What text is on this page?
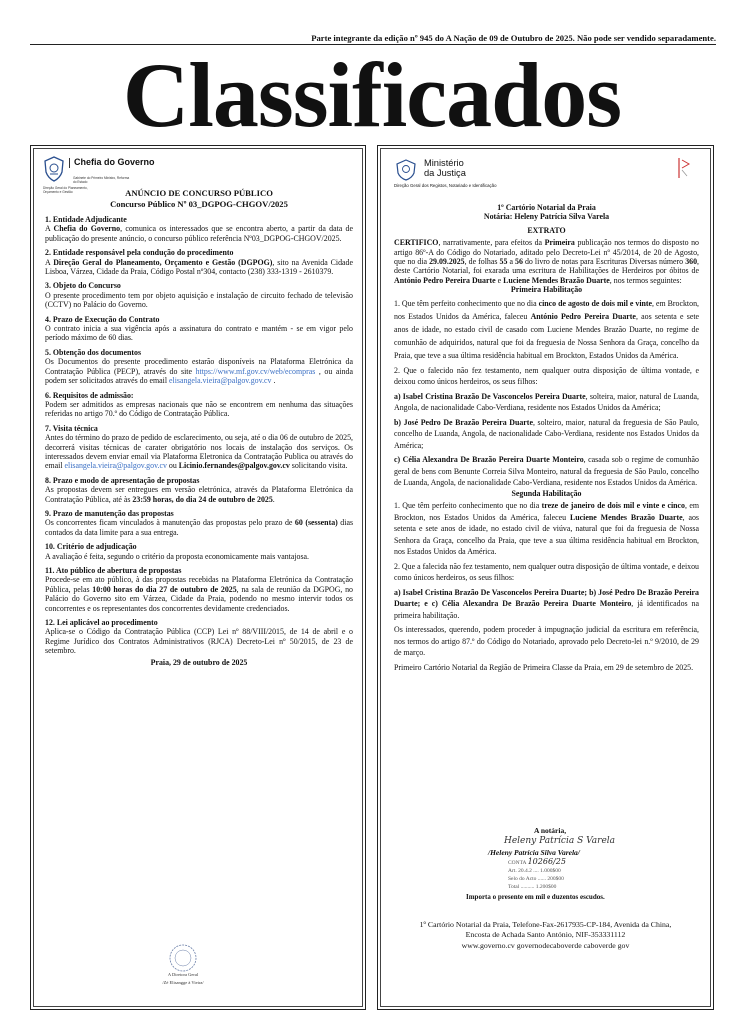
Parte integrante da edição nº 945 do A Nação de 09 de Outubro de 2025. Não pode ser vendido separadamente.
Classificados
Chefia do Governo
Gabinete do Primeiro Ministro, Reforma do Estado
Direção Geral do Planeamento, Orçamento e Gestão	ANÚNCIO DE CONCURSO PÚBLICO

Concurso Público Nº 03_DGPOG-CHGOV/2025

1. Entidade Adjudicante

A Chefia do Governo, comunica os interessados que se encontra aberto, a partir da data de publicação do presente anúncio, o concurso público referência Nº03_DGPOG-CHGOV/2025.

2. Entidade responsável pela condução do procedimento

A Direção Geral do Planeamento, Orçamento e Gestão (DGPOG), sito na Avenida Cidade Lisboa, Várzea, Cidade da Praia, Código Postal nº304, contacto (238) 333-1319 - 2610379.

3. Objeto do Concurso

O presente procedimento tem por objeto aquisição e instalação de circuito fechado de televisão (CCTV) no Palácio do Governo.

4. Prazo de Execução do Contrato

O contrato inicia a sua vigência após a assinatura do contrato e mantém - se em vigor pelo período máximo de 60 dias.

5. Obtenção dos documentos

Os Documentos do presente procedimento estarão disponíveis na Plataforma Eletrónica da Contratação Pública (PECP), através do site https://www.mf.gov.cv/web/ecompras , ou ainda podem ser solicitados através do email elisangela.vieira@palgov.gov.cv .

6. Requisitos de admissão:

Podem ser admitidos as empresas nacionais que não se encontrem em nenhuma das situações referidas no artigo 70.º do Código de Contratação Pública.

7. Visita técnica

Antes do término do prazo de pedido de esclarecimento, ou seja, até o dia 06 de outubro de 2025, decorrerá visitas técnicas de carater obrigatório nos locais de instalação dos serviços. Os interessados devem enviar email via Plataforma Eletronica da Contratação Publica ou através do email elisangela.vieira@palgov.gov.cv ou Licinio.fernandes@palgov.gov.cv solicitando visita.

8. Prazo e modo de apresentação de propostas

As propostas devem ser entregues em versão eletrónica, através da Plataforma Eletrónica da Contratação Pública, até às 23:59 horas, do dia 24 de outubro de 2025.

9. Prazo de manutenção das propostas

Os concorrentes ficam vinculados à manutenção das propostas pelo prazo de 60 (sessenta) dias contados da data limite para a sua entrega.

10. Critério de adjudicação

A avaliação é feita, segundo o critério da proposta economicamente mais vantajosa.

11. Ato público de abertura de propostas

Procede-se em ato público, à das propostas recebidas na Plataforma Eletrónica da Contratação Pública, pelas 10:00 horas do dia 27 de outubro de 2025, na sala de reunião da DGPOG, no Palácio do Governo sito em Várzea, Cidade da Praia, podendo no mesmo intervir todos os concorrentes e os representantes dos concorrentes devidamente credenciados.

12. Lei aplicável ao procedimento

Aplica-se o Código da Contratação Pública (CCP) Lei nº 88/VIII/2015, de 14 de abril e o Regime Jurídico dos Contratos Administrativos (RJCA) Decreto-Lei nº 50/2015, de 23 de setembro.

Praia, 29 de outubro de 2025

A Diretora Geral
/Zé Elisangge à Vieira/
Ministério
da Justiça
Direção Geral dos Registos, Notariado e Identificação

1º Cartório Notarial da Praia

Notária: Heleny Patrícia Silva Varela

EXTRATO

CERTIFICO, narrativamente, para efeitos da Primeira publicação nos termos do disposto no artigo 86º-A do Código do Notariado, aditado pelo Decreto-Lei nº 45/2014, de 20 de Agosto, que no dia 29.09.2025, de folhas 55 a 56 do livro de notas para Escrituras Diversas número 360, deste Cartório Notarial, foi exarada uma escritura de Habilitações de Herdeiros por óbitos de António Pedro Pereira Duarte e Luciene Mendes Brazão Duarte, nos termos seguintes:

Primeira Habilitação

1. Que têm perfeito conhecimento que no dia cinco de agosto de dois mil e vinte, em Brockton, nos Estados Unidos da América, faleceu António Pedro Pereira Duarte, aos setenta e sete anos de idade, no estado civil de casado com Luciene Mendes Brazão Duarte, no regime de comunhão de adquiridos, natural que foi da freguesia de Nossa Senhora da Graça, concelho da Praia, que teve a sua última residência habitual em Brockton, Estados Unidos da América.

2. Que o falecido não fez testamento, nem qualquer outra disposição de última vontade, e deixou como únicos herdeiros, os seus filhos:

a) Isabel Cristina Brazão De Vasconcelos Pereira Duarte, solteira, maior, natural de Luanda, Angola, de nacionalidade Cabo-Verdiana, residente nos Estados Unidos da América;

b) José Pedro De Brazão Pereira Duarte, solteiro, maior, natural da freguesia de São Paulo, concelho de Luanda, Angola, de nacionalidade Cabo-Verdiana, residente nos Estados Unidos da América;

c) Célia Alexandra De Brazão Pereira Duarte Monteiro, casada sob o regime de comunhão geral de bens com Benunte Correia Silva Monteiro, natural da freguesia de São Paulo, concelho de Luanda, Angola, de nacionalidade Cabo-Verdiana, residente nos Estados Unidos da América.

Segunda Habilitação

1. Que têm perfeito conhecimento que no dia treze de janeiro de dois mil e vinte e cinco, em Brockton, nos Estados Unidos da América, faleceu Luciene Mendes Brazão Duarte, aos setenta e sete anos de idade, no estado civil de viúva, natural que foi da freguesia de Nossa Senhora da Graça, concelho da Praia, que teve a sua última residência habitual em Brockton, nos Estados Unidos da América.

2. Que a falecida não fez testamento, nem qualquer outra disposição de última vontade, e deixou como únicos herdeiros, os seus filhos:

a) Isabel Cristina Brazão De Vasconcelos Pereira Duarte; b) José Pedro De Brazão Pereira Duarte; e c) Célia Alexandra De Brazão Pereira Duarte Monteiro, já identificados na primeira habilitação.

Os interessados, querendo, podem proceder à impugnação judicial da escritura em referência, nos termos do artigo 87.º do Código do Notariado, aprovado pelo Decreto-lei n.º 9/2010, de 29 de março.

Primeiro Cartório Notarial da Região de Primeira Classe da Praia, em 29 de setembro de 2025.

A notária,
Heleny Patrícia S Varela
/Heleny Patrícia Silva Varela/
CONTA 10266/25
Art. 20.4.2 .... 1.000$00
Selo do Acto ...... 200$00
Total .......... 1.200$00
Importa o presente em mil e duzentos escudos.
1º Cartório Notarial da Praia, Telefone-Fax-2617935-CP-184, Avenida da China,
Encosta de Achada Santo António, NIF-353331112
www.governo.cv governodecaboverde caboverde gov
